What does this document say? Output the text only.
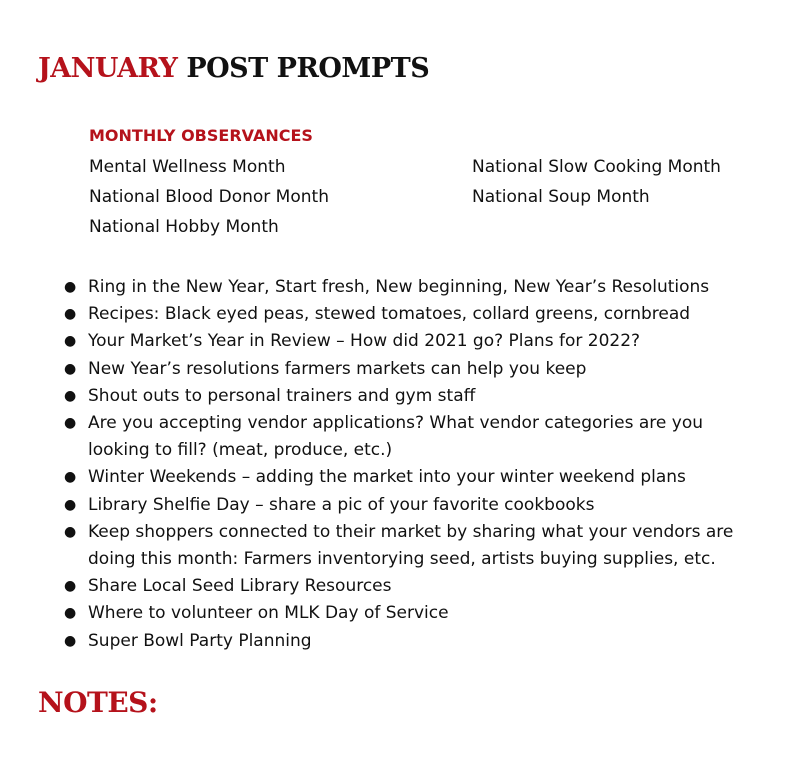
JANUARY POST PROMPTS
MONTHLY OBSERVANCES
Mental Wellness Month	National Slow Cooking Month
National Blood Donor Month	National Soup Month
National Hobby Month
● Ring in the New Year, Start fresh, New beginning, New Year’s Resolutions
● Recipes: Black eyed peas, stewed tomatoes, collard greens, cornbread
● Your Market’s Year in Review – How did 2021 go? Plans for 2022?
● New Year’s resolutions farmers markets can help you keep
● Shout outs to personal trainers and gym staff
● Are you accepting vendor applications? What vendor categories are you
looking to fill? (meat, produce, etc.)
● Winter Weekends – adding the market into your winter weekend plans
● Library Shelfie Day – share a pic of your favorite cookbooks
● Keep shoppers connected to their market by sharing what your vendors are
doing this month: Farmers inventorying seed, artists buying supplies, etc.
● Share Local Seed Library Resources
● Where to volunteer on MLK Day of Service
● Super Bowl Party Planning
NOTES:
